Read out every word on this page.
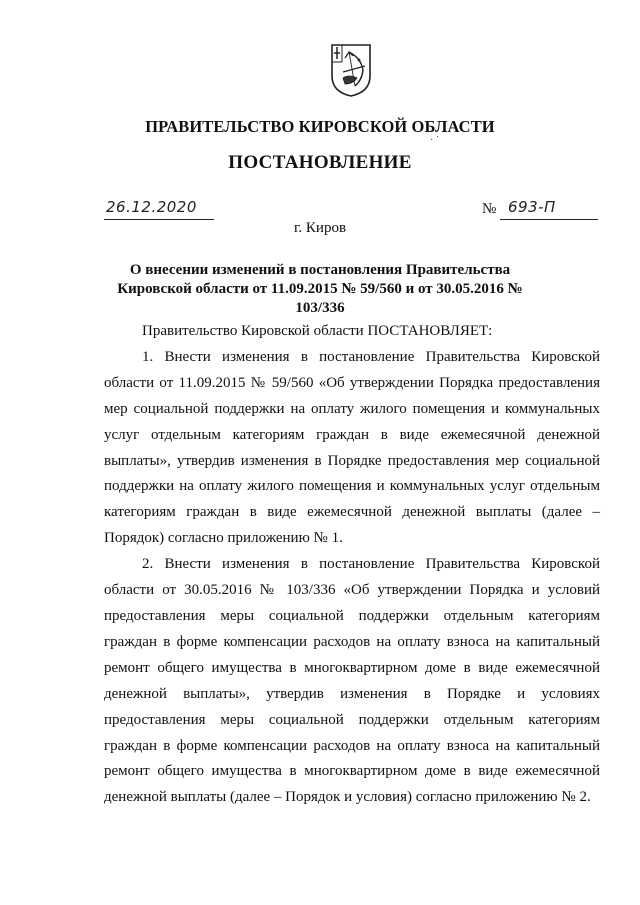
ПРАВИТЕЛЬСТВО КИРОВСКОЙ ОБЛАСТИ
· ˙
ПОСТАНОВЛЕНИЕ
26.12.2020	№ 693-П
г. Киров
О внесении изменений в постановления Правительства
Кировской области от 11.09.2015 № 59/560 и от 30.05.2016 № 103/336

Правительство Кировской области ПОСТАНОВЛЯЕТ:

1. Внести изменения в постановление Правительства Кировской области от 11.09.2015 № 59/560 «Об утверждении Порядка предоставления мер социальной поддержки на оплату жилого помещения и коммунальных услуг отдельным категориям граждан в виде ежемесячной денежной выплаты», утвердив изменения в Порядке предоставления мер социальной поддержки на оплату жилого помещения и коммунальных услуг отдельным категориям граждан в виде ежемесячной денежной выплаты (далее – Порядок) согласно приложению № 1.

2. Внести изменения в постановление Правительства Кировской области от 30.05.2016 № 103/336 «Об утверждении Порядка и условий предоставления меры социальной поддержки отдельным категориям граждан в форме компенсации расходов на оплату взноса на капитальный ремонт общего имущества в многоквартирном доме в виде ежемесячной денежной выплаты», утвердив изменения в Порядке и условиях предоставления меры социальной поддержки отдельным категориям граждан в форме компенсации расходов на оплату взноса на капитальный ремонт общего имущества в многоквартирном доме в виде ежемесячной денежной выплаты (далее – Порядок и условия) согласно приложению № 2.
